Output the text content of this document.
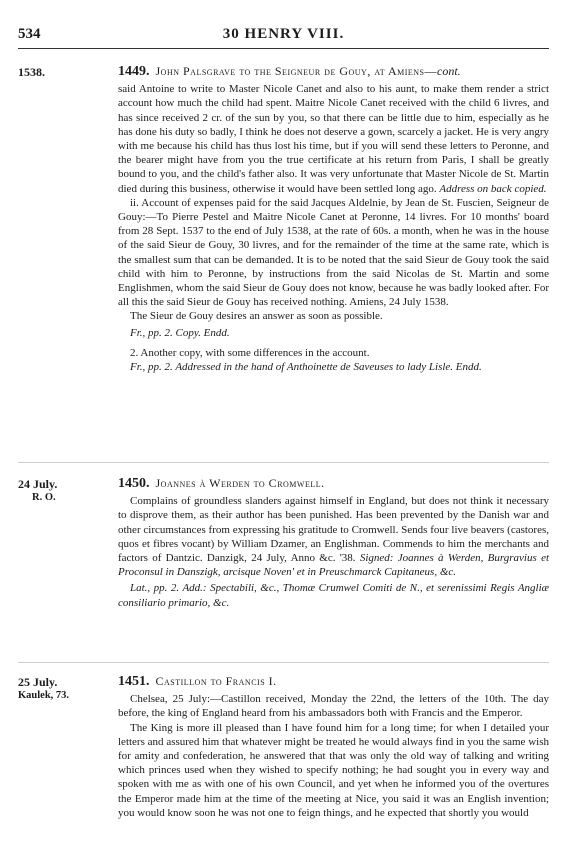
534	30 HENRY VIII.
1538.	1449. John Palsgrave to the Seigneur de Gouy, at Amiens—cont.

said Antoine to write to Master Nicole Canet and also to his aunt, to make them render a strict account how much the child had spent. Maitre Nicole Canet received with the child 6 livres, and has since received 2 cr. of the sun by you, so that there can be little due to him, especially as he has done his duty so badly, I think he does not deserve a gown, scarcely a jacket. He is very angry with me because his child has thus lost his time, but if you will send these letters to Peronne, and the bearer might have from you the true certificate at his return from Paris, I shall be greatly bound to you, and the child's father also. It was very unfortunate that Master Nicole de St. Martin died during this business, otherwise it would have been settled long ago. Address on back copied.

ii. Account of expenses paid for the said Jacques Aldelnie, by Jean de St. Fuscien, Seigneur de Gouy:—To Pierre Pestel and Maitre Nicole Canet at Peronne, 14 livres. For 10 months' board from 28 Sept. 1537 to the end of July 1538, at the rate of 60s. a month, when he was in the house of the said Sieur de Gouy, 30 livres, and for the remainder of the time at the same rate, which is the smallest sum that can be demanded. It is to be noted that the said Sieur de Gouy took the said child with him to Peronne, by instructions from the said Nicolas de St. Martin and some Englishmen, whom the said Sieur de Gouy does not know, because he was badly looked after. For all this the said Sieur de Gouy has received nothing. Amiens, 24 July 1538.

The Sieur de Gouy desires an answer as soon as possible.

Fr., pp. 2. Copy. Endd.

2. Another copy, with some differences in the account.

Fr., pp. 2. Addressed in the hand of Anthoinette de Saveuses to lady Lisle. Endd.

24 July.
R. O.
1450. Joannes à Werden to Cromwell.

Complains of groundless slanders against himself in England, but does not think it necessary to disprove them, as their author has been punished. Has been prevented by the Danish war and other circumstances from expressing his gratitude to Cromwell. Sends four live beavers (castores, quos et fibres vocant) by William Dzamer, an Englishman. Commends to him the merchants and factors of Dantzic. Danzigk, 24 July, Anno &c. '38. Signed: Joannes à Werden, Burgravius et Proconsul in Danszigk, arcisque Noven' et in Preuschmarck Capitaneus, &c.

Lat., pp. 2. Add.: Spectabili, &c., Thomæ Crumwel Comiti de N., et serenissimi Regis Angliæ consiliario primario, &c.

25 July.
Kaulek, 73.
1451. Castillon to Francis I.

Chelsea, 25 July:—Castillon received, Monday the 22nd, the letters of the 10th. The day before, the king of England heard from his ambassadors both with Francis and the Emperor.

The King is more ill pleased than I have found him for a long time; for when I detailed your letters and assured him that whatever might be treated he would always find in you the same wish for amity and confederation, he answered that that was only the old way of talking and writing which princes used when they wished to specify nothing; he had sought you in every way and spoken with me as with one of his own Council, and yet when he informed you of the overtures the Emperor made him at the time of the meeting at Nice, you said it was an English invention; you would know soon he was not one to feign things, and he expected that shortly you would
